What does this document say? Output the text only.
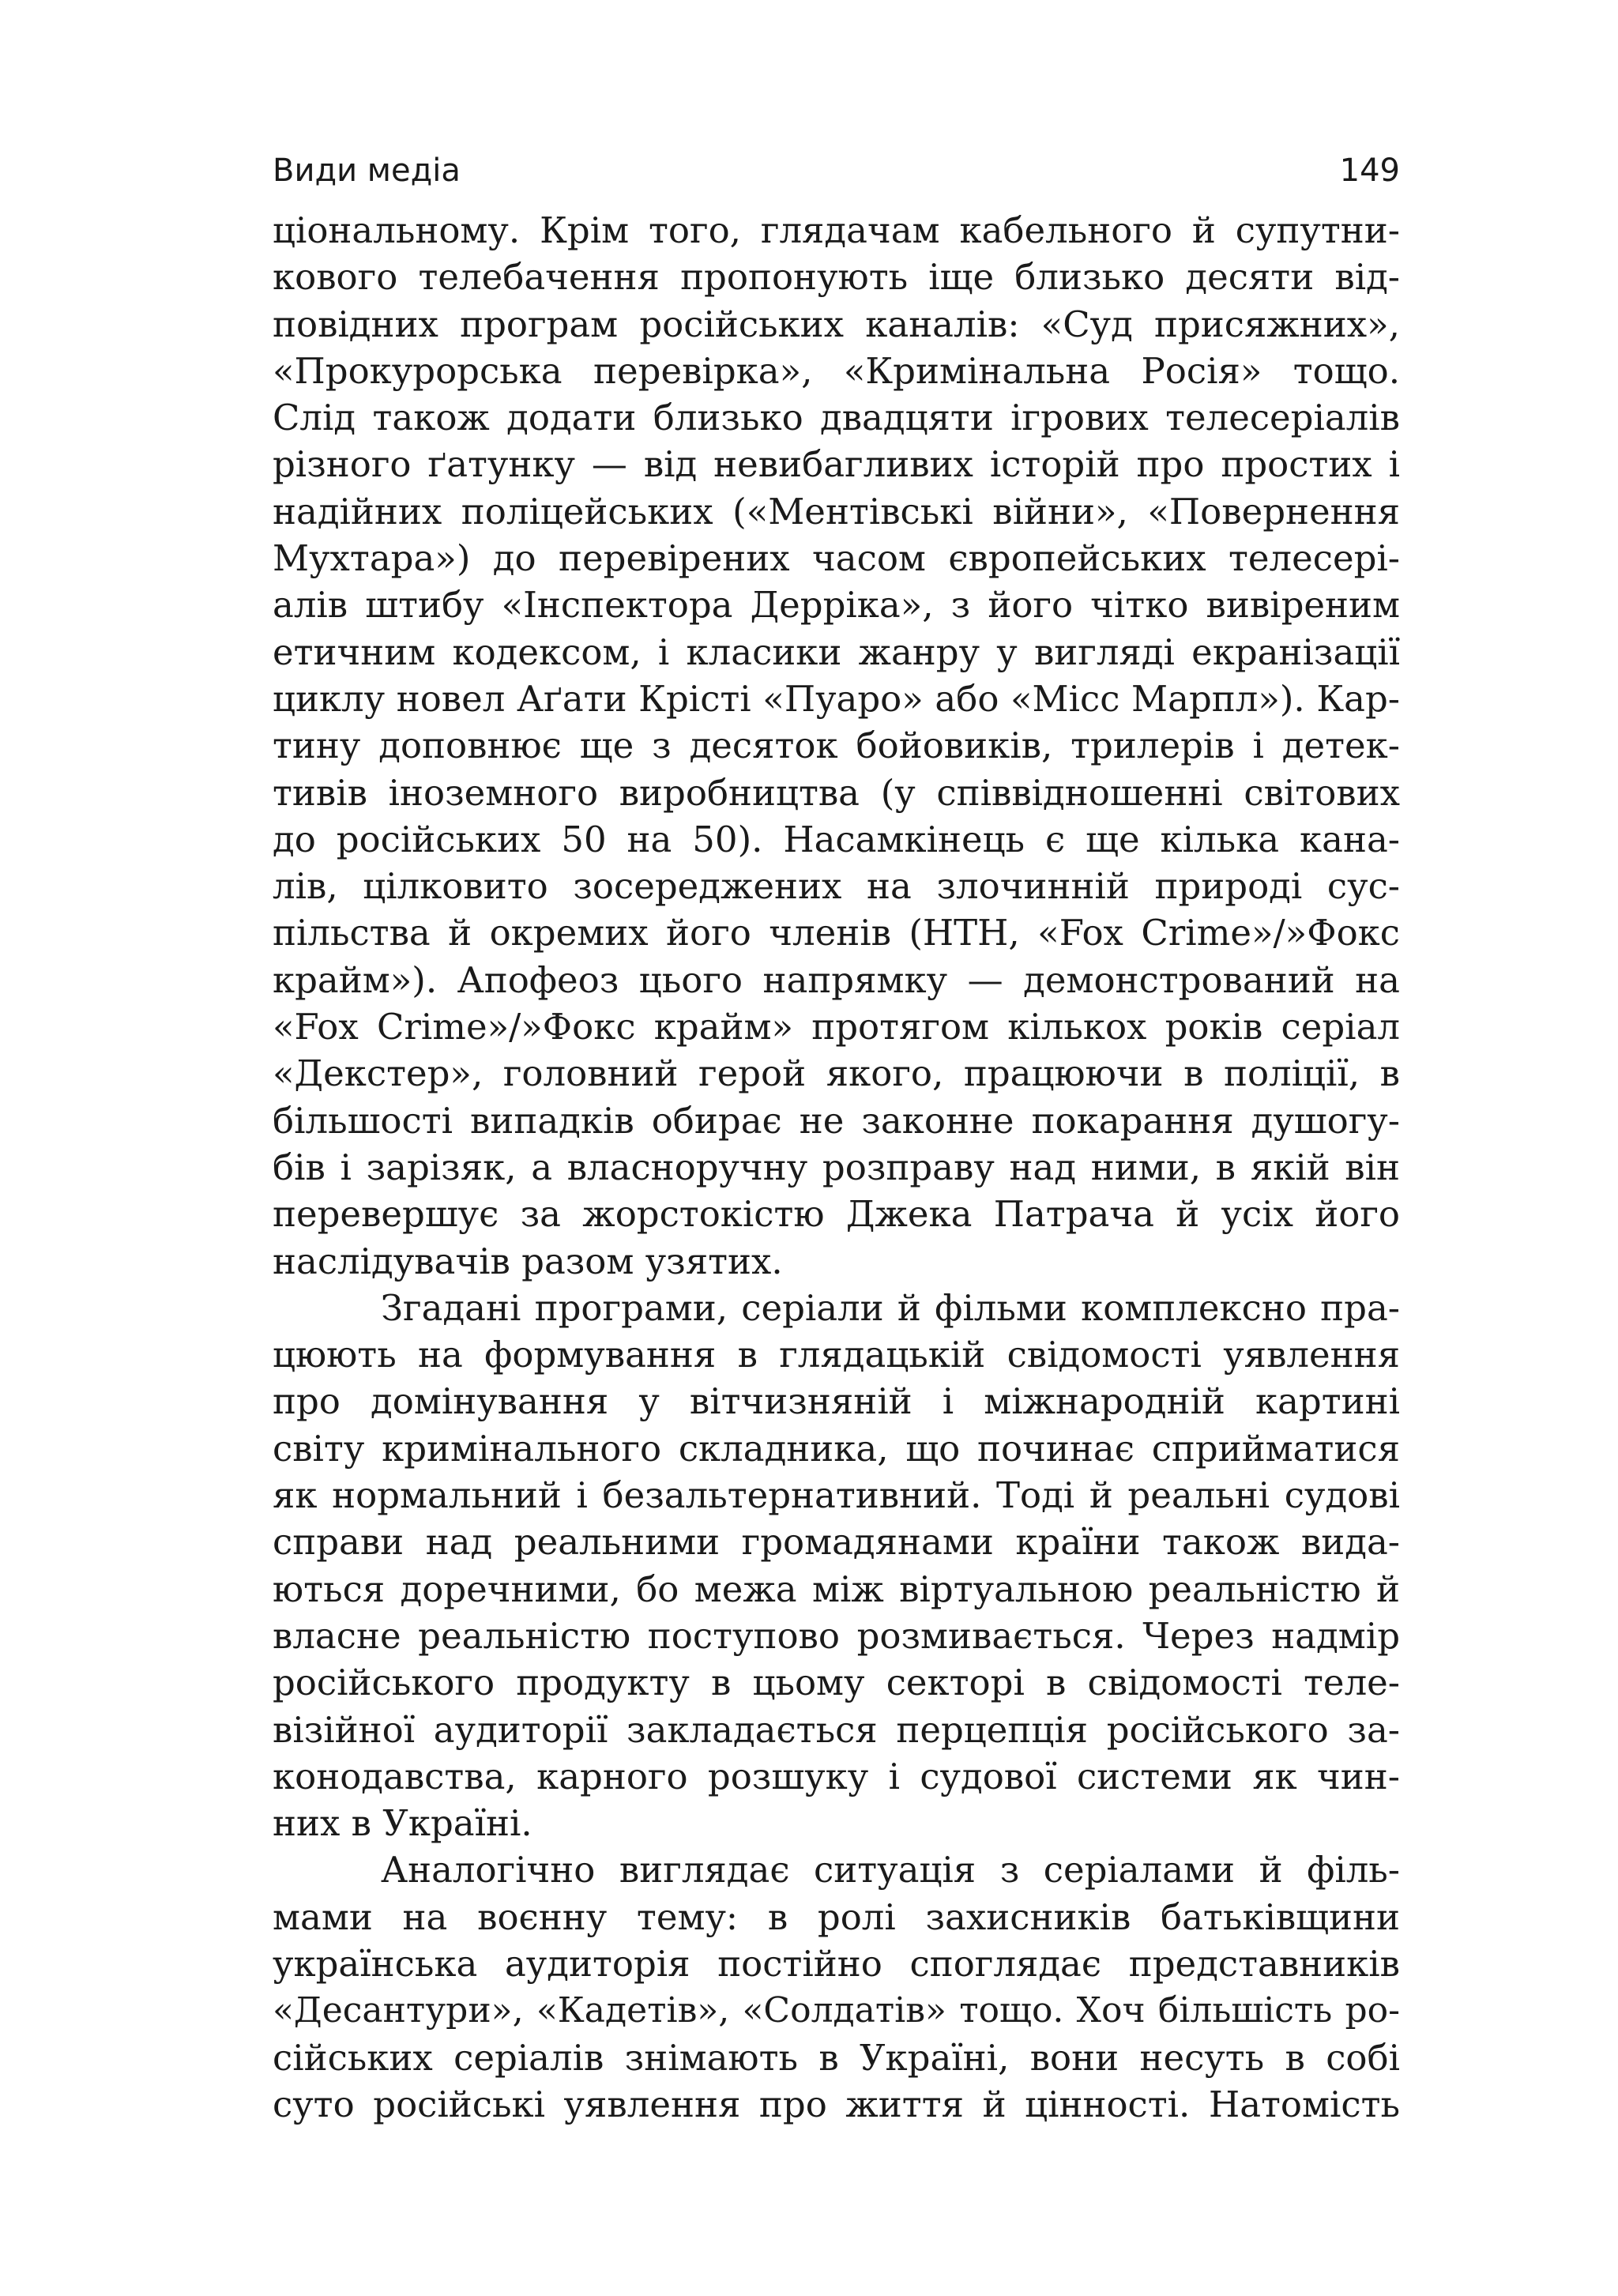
Види медіа	149
ціональному. Крім того, глядачам кабельного й супутни-
кового телебачення пропонують іще близько десяти від-
повідних програм російських каналів: «Суд присяжних»,
«Прокурорська перевірка», «Кримінальна Росія» тощо.
Слід також додати близько двадцяти ігрових телесеріалів
різного ґатунку — від невибагливих історій про простих і
надійних поліцейських («Ментівські війни», «Повернення
Мухтара») до перевірених часом європейських телесері-
алів штибу «Інспектора Дерріка», з його чітко вивіреним
етичним кодексом, і класики жанру у вигляді екранізації
циклу новел Аґати Крісті «Пуаро» або «Місс Марпл»). Кар-
тину доповнює ще з десяток бойовиків, трилерів і детек-
тивів іноземного виробництва (у співвідношенні світових
до російських 50 на 50). Насамкінець є ще кілька кана-
лів, цілковито зосереджених на злочинній природі сус-
пільства й окремих його членів (НТН, «Fox Crime»/»Фокс
крайм»). Апофеоз цього напрямку — демонстрований на
«Fox Crime»/»Фокс крайм» протягом кількох років серіал
«Декстер», головний герой якого, працюючи в поліції, в
більшості випадків обирає не законне покарання душогу-
бів і зарізяк, а власноручну розправу над ними, в якій він
перевершує за жорстокістю Джека Патрача й усіх його
наслідувачів разом узятих.
Згадані програми, серіали й фільми комплексно пра-
цюють на формування в глядацькій свідомості уявлення
про домінування у вітчизняній і міжнародній картині
світу кримінального складника, що починає сприйматися
як нормальний і безальтернативний. Тоді й реальні судові
справи над реальними громадянами країни також вида-
ються доречними, бо межа між віртуальною реальністю й
власне реальністю поступово розмивається. Через надмір
російського продукту в цьому секторі в свідомості теле-
візійної аудиторії закладається перцепція російського за-
конодавства, карного розшуку і судової системи як чин-
них в Україні.
Аналогічно виглядає ситуація з серіалами й філь-
мами на воєнну тему: в ролі захисників батьківщини
українська аудиторія постійно споглядає представників
«Десантури», «Кадетів», «Солдатів» тощо. Хоч більшість ро-
сійських серіалів знімають в Україні, вони несуть в собі
суто російські уявлення про життя й цінності. Натомість
